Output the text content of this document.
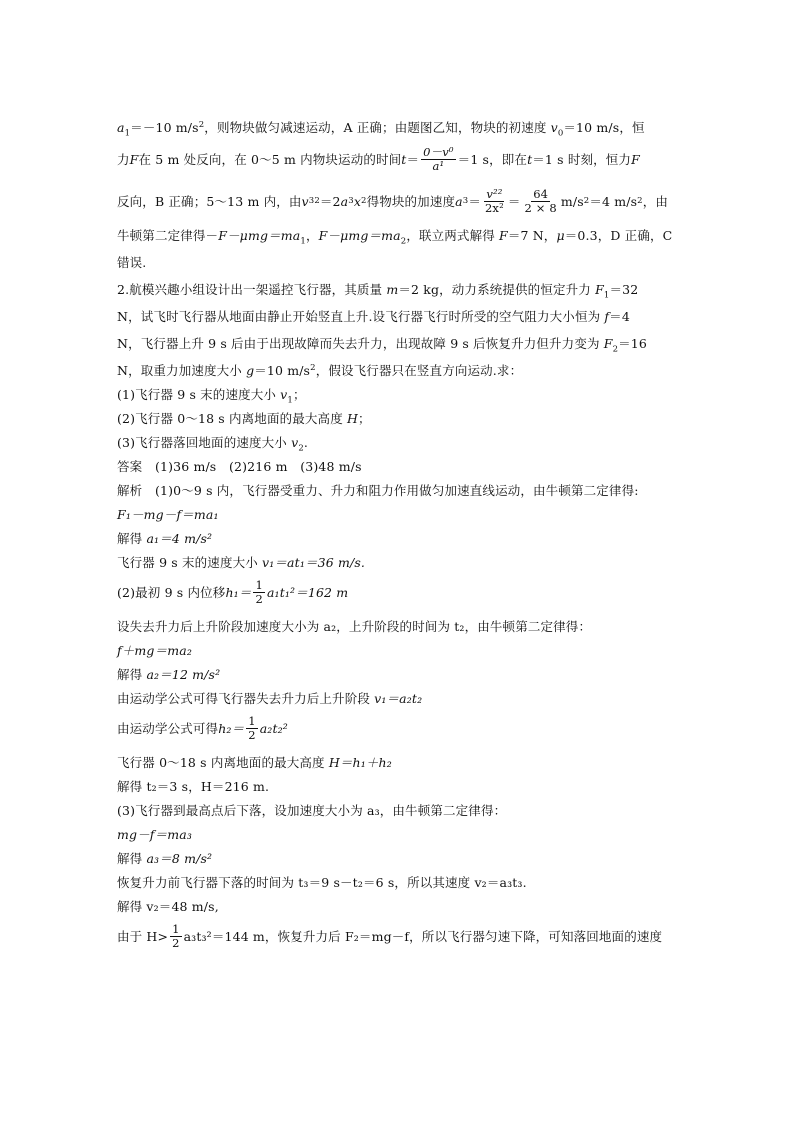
$a_1=-10$ $m/s^2$，则物块做匀减速运动，A 正确；由题图乙知，物块的初速度 $v_0=10$ m/s，恒

力 F 在 5 m 处反向，在 0～5 m 内物块运动的时间 $t = \frac{\text{0－v⁰}}{\text{a¹}} =1$ s，即在 t ＝1 s 时刻，恒力 F
反向，B 正确；5～13 m 内，由 v 3 2 ＝2 a 3 x 2 得物块的加速度 a $3 = \frac{\text{v²²}}{\text{2x²}} = \frac{64}{2 \times 8} m/s$ 2 ＝4 m/s 2 ，由

牛顿第二定律得$-F-\mu mg=ma_1$，$F-\mu mg=ma_2$，联立两式解得 F＝7 N，μ＝0.3，D 正确，C

错误.

2.航模兴趣小组设计出一架遥控飞行器，其质量 m＝2 kg，动力系统提供的恒定升力 $F_1=32$

N，试飞时飞行器从地面由静止开始竖直上升.设飞行器飞行时所受的空气阻力大小恒为 f＝4

N，飞行器上升 9 s 后由于出现故障而失去升力，出现故障 9 s 后恢复升力但升力变为 $F_2=16$

N，取重力加速度大小 g＝10 $m/s^2$，假设飞行器只在竖直方向运动.求：

(1)飞行器 9 s 末的速度大小 $v_1$；

(2)飞行器 0～18 s 内离地面的最大高度 H；

(3)飞行器落回地面的速度大小 $v_2$.

答案　(1)36 m/s　(2)216 m　(3)48 m/s

解析　(1)0～9 s 内，飞行器受重力、升力和阻力作用做匀加速直线运动，由牛顿第二定律得:

F₁－mg－f＝ma₁

解得 a₁＝4 m/s²

飞行器 9 s 末的速度大小 v₁＝at₁＝36 m/s.

(2)最初 9 s 内位移 $h_1= \frac{1}{2} a_1t_1^2=162$ m

设失去升力后上升阶段加速度大小为 a₂，上升阶段的时间为 t₂，由牛顿第二定律得：

f＋mg＝ma₂

解得 a₂＝12 m/s²

由运动学公式可得飞行器失去升力后上升阶段 v₁＝a₂t₂

由运动学公式可得 $h_2= \frac{1}{2} a_2t_2^2$

飞行器 0～18 s 内离地面的最大高度 H＝h₁＋h₂

解得 t₂＝3 s，H＝216 m.

(3)飞行器到最高点后下落，设加速度大小为 a₃，由牛顿第二定律得：

mg－f＝ma₃

解得 a₃＝8 m/s²

恢复升力前飞行器下落的时间为 t₃＝9 s－t₂＝6 s，所以其速度 v₂＝a₃t₃.

解得 v₂＝48 m/s,

由于 $H> \frac{1}{2} a_3t_3^2=144$ m，恢复升力后 F₂＝mg－f，所以飞行器匀速下降，可知落回地面的速度
